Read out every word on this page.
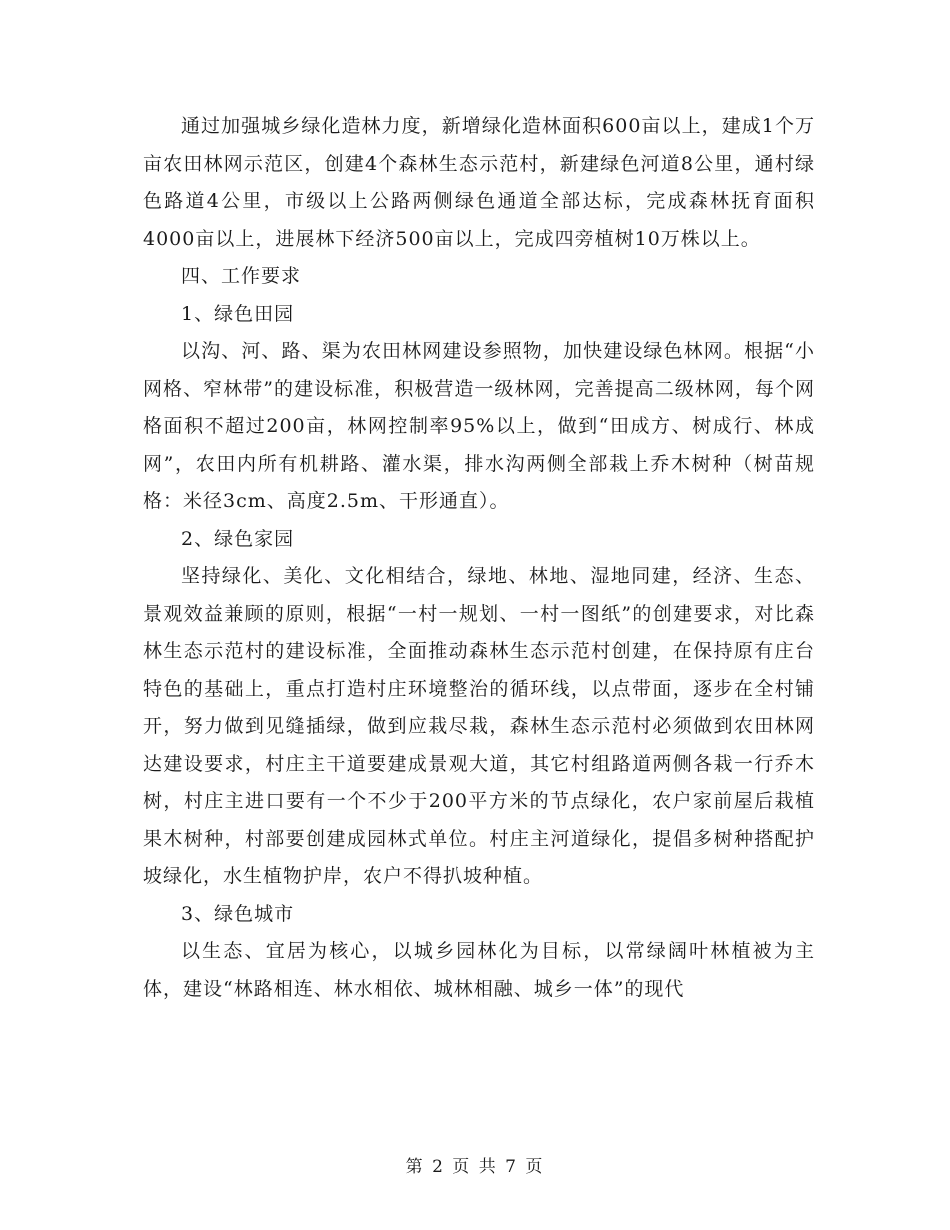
通过加强城乡绿化造林力度，新增绿化造林面积600亩以上，建成1个万亩农田林网示范区，创建4个森林生态示范村，新建绿色河道8公里，通村绿色路道4公里，市级以上公路两侧绿色通道全部达标，完成森林抚育面积4000亩以上，进展林下经济500亩以上，完成四旁植树10万株以上。

四、工作要求

1、绿色田园

以沟、河、路、渠为农田林网建设参照物，加快建设绿色林网。根据“小网格、窄林带”的建设标准，积极营造一级林网，完善提高二级林网，每个网格面积不超过200亩，林网控制率95%以上，做到“田成方、树成行、林成网”，农田内所有机耕路、灌水渠，排水沟两侧全部栽上乔木树种（树苗规格：米径3cm、高度2.5m、干形通直）。

2、绿色家园

坚持绿化、美化、文化相结合，绿地、林地、湿地同建，经济、生态、景观效益兼顾的原则，根据“一村一规划、一村一图纸”的创建要求，对比森林生态示范村的建设标准，全面推动森林生态示范村创建，在保持原有庄台特色的基础上，重点打造村庄环境整治的循环线，以点带面，逐步在全村铺开，努力做到见缝插绿，做到应栽尽栽，森林生态示范村必须做到农田林网达建设要求，村庄主干道要建成景观大道，其它村组路道两侧各栽一行乔木树，村庄主进口要有一个不少于200平方米的节点绿化，农户家前屋后栽植果木树种，村部要创建成园林式单位。村庄主河道绿化，提倡多树种搭配护坡绿化，水生植物护岸，农户不得扒坡种植。

3、绿色城市

以生态、宜居为核心，以城乡园林化为目标，以常绿阔叶林植被为主体，建设“林路相连、林水相依、城林相融、城乡一体”的现代

第 2 页 共 7 页
